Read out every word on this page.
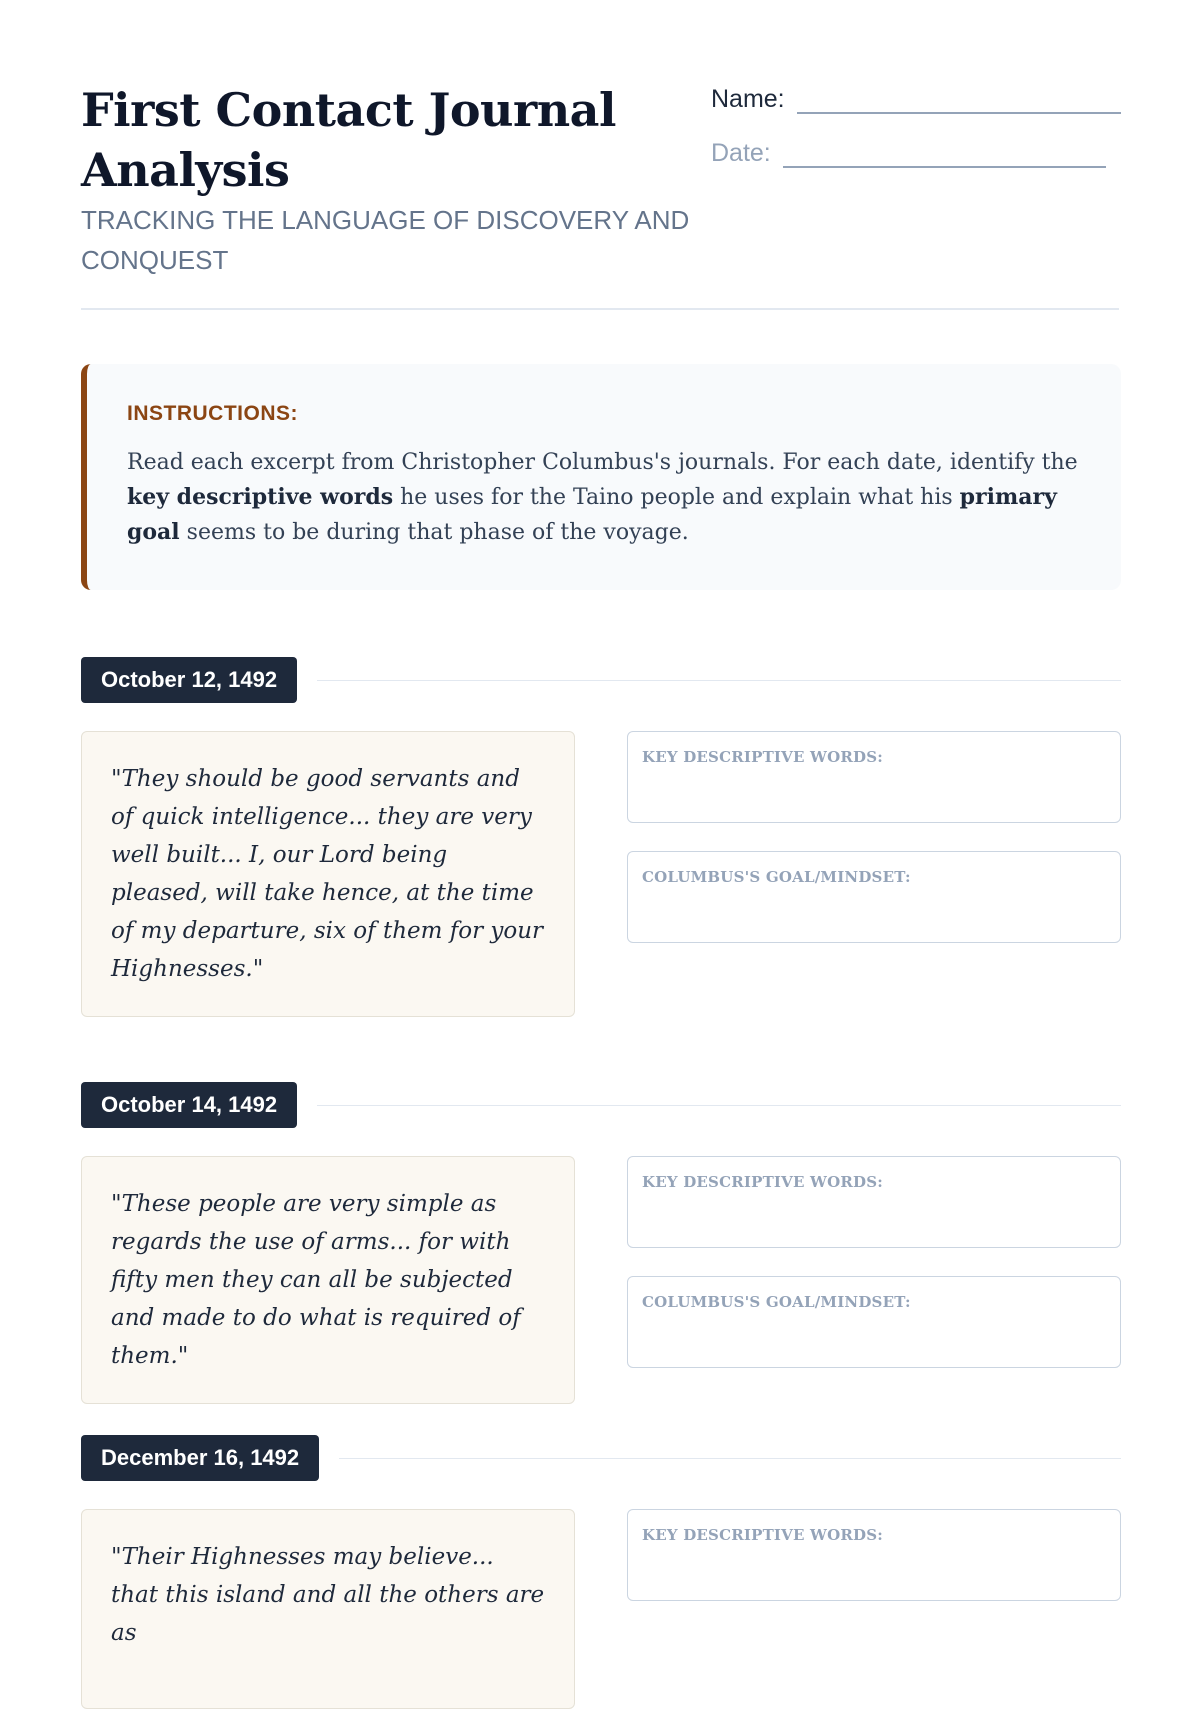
First Contact Journal Analysis
TRACKING THE LANGUAGE OF DISCOVERY AND CONQUEST
Name:
Date:
INSTRUCTIONS:

Read each excerpt from Christopher Columbus's journals. For each date, identify the key descriptive words he uses for the Taino people and explain what his primary goal seems to be during that phase of the voyage.

October 12, 1492
"They should be good servants and of quick intelligence... they are very well built... I, our Lord being pleased, will take hence, at the time of my departure, six of them for your Highnesses."
KEY DESCRIPTIVE WORDS:
COLUMBUS'S GOAL/MINDSET:
October 14, 1492
"These people are very simple as regards the use of arms... for with fifty men they can all be subjected and made to do what is required of them."
KEY DESCRIPTIVE WORDS:
COLUMBUS'S GOAL/MINDSET:
December 16, 1492
"Their Highnesses may believe... that this island and all the others are as
KEY DESCRIPTIVE WORDS:
